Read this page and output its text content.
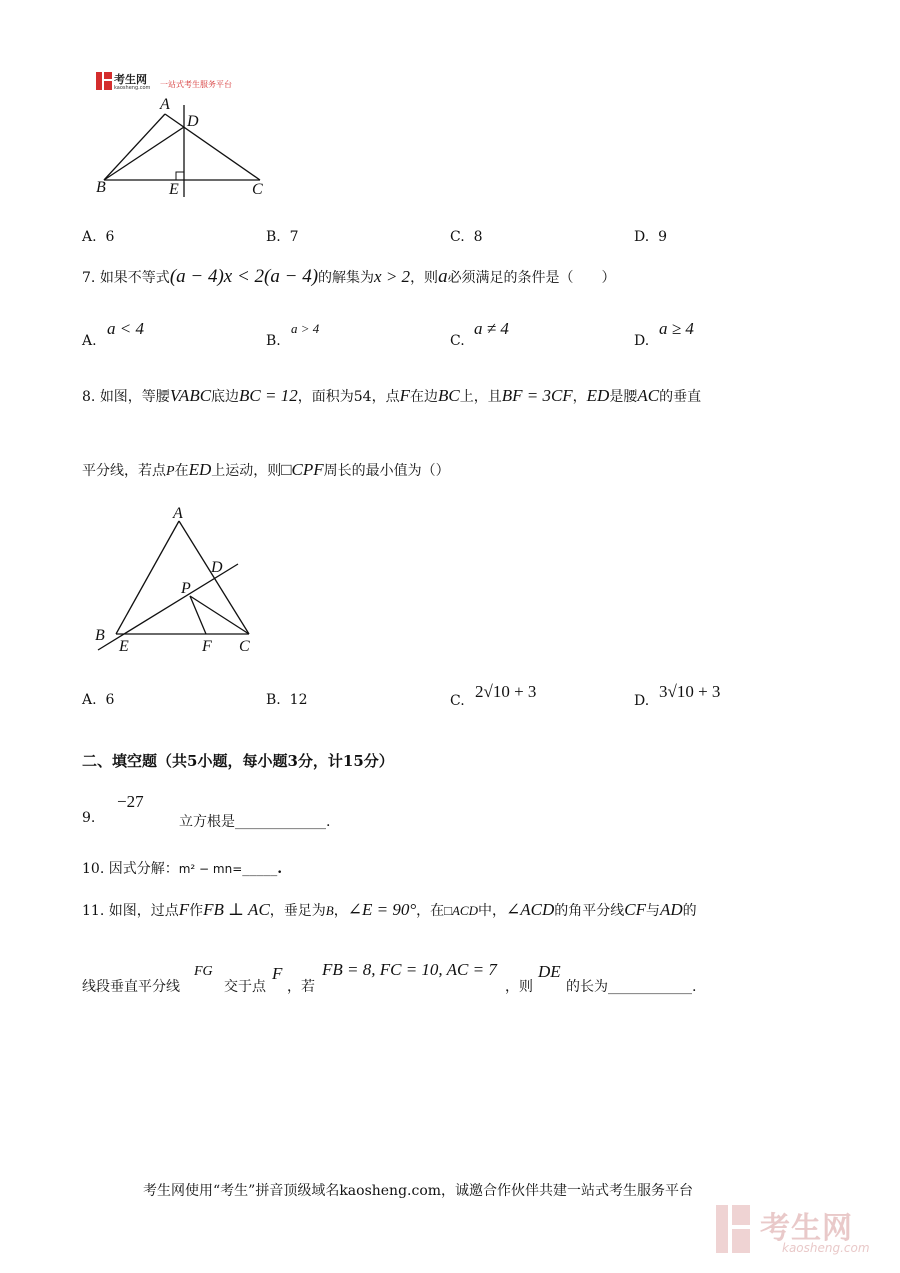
考生网
kaosheng.com 一站式考生服务平台
A
D
B	E	C
A. 6	B. 7	C. 8	D. 9
7. 如果不等式(a − 4)x < 2(a − 4)的解集为x > 2，则a必须满足的条件是（　　）
A.
a < 4
B.
a > 4
C.
a ≠ 4
D.
a ≥ 4
8. 如图，等腰VABC底边BC = 12，面积为54，点F在边BC上，且BF = 3CF，ED是腰AC的垂直
平分线，若点P在ED上运动，则□CPF周长的最小值为（）
A
D
P
B
E	F C
A. 6	B. 12	C. 2√10 + 3	D. 3√10 + 3
二、填空题（共5小题，每小题3分，计15分）
9.
−27
立方根是_____________.
10. 因式分解：m² − mn=_____.
11. 如图，过点F作FB ⊥ AC，垂足为B，∠E = 90°，在□ACD中，∠ACD的角平分线CF与AD的
线段垂直平分线
FG
交于点
F
，若
FB = 8, FC = 10, AC = 7
，则
DE
的长为____________.
考生网使用“考生”拼音顶级域名kaosheng.com，诚邀合作伙伴共建一站式考生服务平台
考生网
kaosheng.com
